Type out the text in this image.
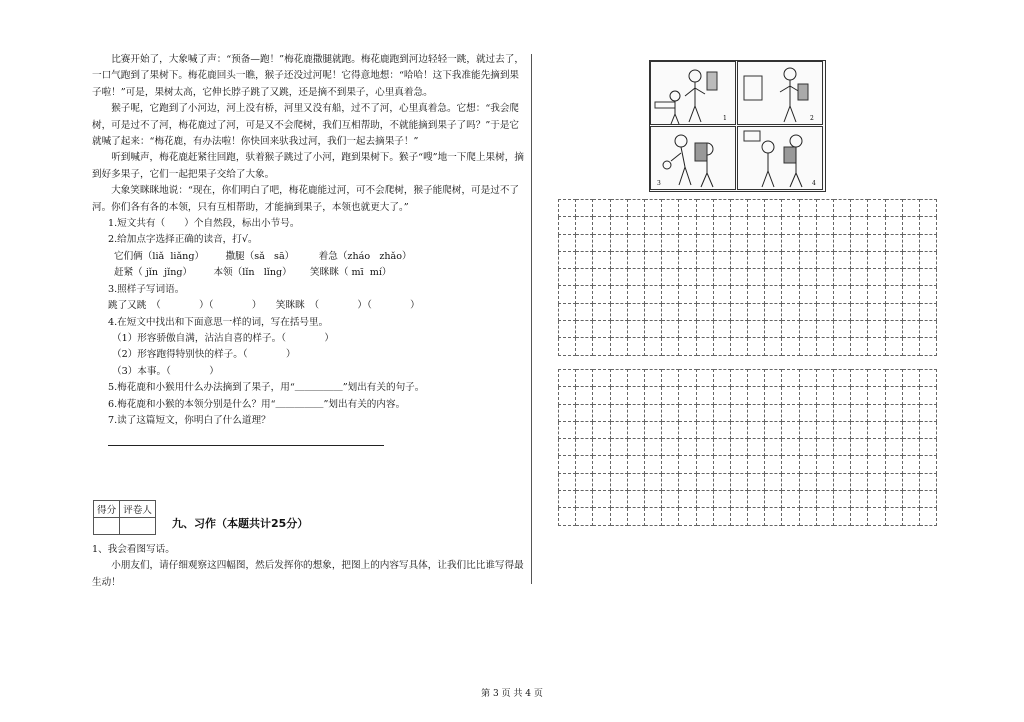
比赛开始了，大象喊了声：“预备—跑！”梅花鹿撒腿就跑。梅花鹿跑到河边轻轻一跳，就过去了，一口气跑到了果树下。梅花鹿回头一瞧，猴子还没过河呢！它得意地想：“哈哈！这下我准能先摘到果子啦！”可是，果树太高，它伸长脖子跳了又跳，还是摘不到果子，心里真着急。

猴子呢，它跑到了小河边，河上没有桥，河里又没有船，过不了河，心里真着急。它想：“我会爬树，可是过不了河，梅花鹿过了河，可是又不会爬树，我们互相帮助，不就能摘到果子了吗？”于是它就喊了起来：“梅花鹿，有办法啦！你快回来驮我过河，我们一起去摘果子！”

听到喊声，梅花鹿赶紧往回跑，驮着猴子跳过了小河，跑到果树下。猴子“嗖”地一下爬上果树，摘到好多果子，它们一起把果子交给了大象。

大象笑眯眯地说：“现在，你们明白了吧，梅花鹿能过河，可不会爬树，猴子能爬树，可是过不了河。你们各有各的本领，只有互相帮助，才能摘到果子，本领也就更大了。”

1.短文共有（　　）个自然段，标出小节号。

2.给加点字选择正确的读音，打√。

它们俩（liǎ  liǎng）       撒腿（sǎ   sā）        着急（zháo   zhǎo）

赶紧（ jǐn  jǐng）       本领（lǐn   lǐng）      笑眯眯（ mī  mí）

3.照样子写词语。

跳了又跳　（　　　　）（　　　　）　　笑眯眯　（　　　　）（　　　　）

4.在短文中找出和下面意思一样的词，写在括号里。

（1）形容骄傲自满，沾沾自喜的样子。（　　　　）

（2）形容跑得特别快的样子。（　　　　）

（3）本事。（　　　　）

5.梅花鹿和小猴用什么办法摘到了果子，用“＿＿＿＿＿”划出有关的句子。

6.梅花鹿和小猴的本领分别是什么？用“＿＿＿＿＿”划出有关的内容。

7.读了这篇短文，你明白了什么道理？

得分	评卷人

九、习作（本题共计25分）

1、我会看图写话。

小朋友们，请仔细观察这四幅图，然后发挥你的想象，把图上的内容写具体，让我们比比谁写得最生动！

1	2
3	4

第 3 页 共 4 页
